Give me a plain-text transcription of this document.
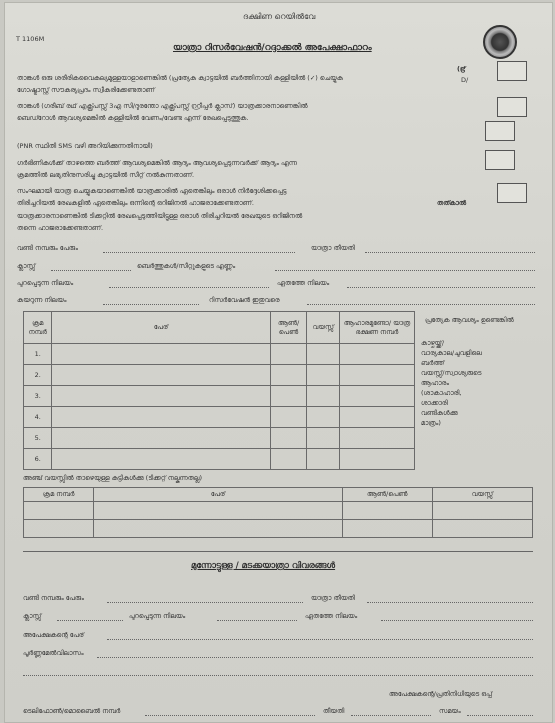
T 1106M
ദക്ഷിണ റെയിൽവേ
യാത്രാ റിസർവേഷൻ/റദ്ദാക്കൽ അപേക്ഷാഫാറം
താങ്കൾ ഒരു ശരീരികവൈകല്യമുള്ളയാളാണെങ്കിൽ (പ്രത്യേക ക്വാട്ടയിൽ ബർത്തിനായി കള്ളിയിൽ (✓) ചെയ്യുക
(ഭ്ര്
D/
ഗോഷ്ട്രാസ്റ്റ് സൗകര്യപ്രദം സ്വീകരിക്കേണ്ടതാണ്
താങ്കൾ (ഗരീബ് രഥ് എക്സ്പ്രസ്സ് 3എ സി/ദുരന്തോ എക്സ്പ്രസ്സ് റ്റ്രീപ്പർ ക്ലാസ്) യാത്രക്കാരനാണെങ്കിൽ
ബെഡ്റോൾ ആവശ്യമെങ്കിൽ കള്ളിയിൽ വേണം/വേണ്ട എന്ന് രേഖപ്പെടുത്തുക.
(PNR സ്ഥിതി SMS വഴി അറിയിക്കുന്നതിനായി)
ഗർഭിണികൾക്ക് താഴത്തെ ബർത്ത് ആവശ്യമെങ്കിൽ ആദ്യം ആവശ്യപ്പെടുന്നവർക്ക് ആദ്യം എന്ന
ക്രമത്തിൽ ലഭ്യതിനുസരിച്ചു ക്വാട്ടയിൽ സീറ്റ് നൽകുന്നതാണ്.
സംഘമായി യാത്ര ചെയ്യുകയാണെങ്കിൽ യാത്രക്കാരിൽ ഏതെങ്കിലും ഒരാൾ നിർദ്ദേശിക്കപ്പെട്ട
തിരിച്ചറിയൽ രേഖകളിൽ ഏതെങ്കിലും ഒന്നിന്റെ ഒറിജിനൽ ഹാജരാക്കേണ്ടതാണ്.	തത്കാൽ
യാത്രക്കാരനാണെങ്കിൽ ടിക്കറ്റിൽ രേഖപ്പെടുത്തിയിട്ടുള്ള ഒരാൾ തിരിച്ചറിയൽ രേഖയുടെ ഒറിജിനൽ
തന്നെ ഹാജരാക്കേണ്ടതാണ്.
വണ്ടി നമ്പരും പേരും	യാത്രാ തീയതി
ക്ലാസ്സ്	ബെർത്തുകൾ/സീറ്റുകളുടെ എണ്ണം
പുറപ്പെടുന്ന നിലയം	ഏതത്തേ നിലയം
കയറുന്ന നിലയം	റിസർവേഷൻ ഇതുവരെ
ക്രമ നമ്പർ	പേര്	ആൺ/ പെൺ	വയസ്സ്	ആഹാരമുണ്ടോ/ യാത്ര ഭക്ഷണ നമ്പർ
1.				
2.				
3.				
4.				
5.				
6.				
പ്രത്യേക ആവശ്യം ഉണ്ടെങ്കിൽ
കാഴ്ചയ്ക്ക്/
വാര്യകാല/ചുവളിലെ
ബർത്ത്
വയസ്സ്/സ്വാശ്യരുടെ
ആഹാരം
(ശാകാഹാരി,
ശാക്കാരി
വണ്ടികൾക്കു
മാത്രം)
അഞ്ച് വയസ്സിൽ താഴെയുള്ള കുട്ടികൾക്കു (ടിക്കറ്റ് നല്കുന്നതല്ല)
ക്രമ നമ്പർ	പേര്	ആൺ/പെൺ	വയസ്സ്

മുന്നോട്ടുള്ള / മടക്കയാത്രാ വിവരങ്ങൾ
വണ്ടി നമ്പരും പേരും	യാത്രാ തീയതി
ക്ലാസ്സ്	പുറപ്പെടുന്ന നിലയം	ഏതത്തേ നിലയം
അപേക്ഷകന്റെ പേര്
പൂർണ്ണമേൽവിലാസം
അപേക്ഷകന്റെ/പ്രതിനിധിയുടെ ഒപ്പ്
ടെലിഫോൺ/മൊബൈൽ നമ്പർ	തീയതി	സമയം
